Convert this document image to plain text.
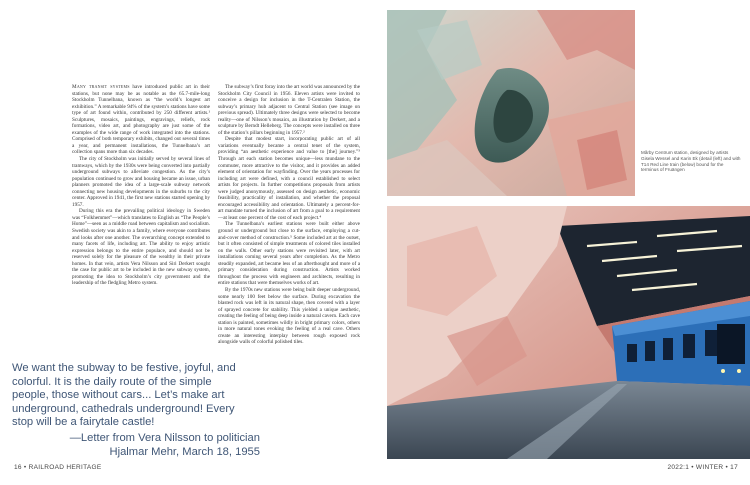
Many transit systems have introduced public art in their stations, but none may be as notable as the 65.7-mile-long Stockholm Tunnelbana, known as “the world’s longest art exhibition.” A remarkable 94% of the system’s stations have some type of art found within, contributed by 250 different artists.¹ Sculptures, mosaics, paintings, engravings, reliefs, rock formations, video art, and photography are just some of the examples of the wide range of work integrated into the stations. Comprised of both temporary exhibits, changed out several times a year, and permanent installations, the Tunnelbana’s art collection spans more than six decades.

The city of Stockholm was initially served by several lines of tramways, which by the 1930s were being converted into partially underground subways to alleviate congestion. As the city’s population continued to grow and housing became an issue, urban planners promoted the idea of a large-scale subway network connecting new housing developments in the suburbs to the city center. Approved in 1941, the first new stations started opening by 1957.

During this era the prevailing political ideology in Sweden was “Folkhemmet”—which translates to English as “The People’s Home”—seen as a middle road between capitalism and socialism. Swedish society was akin to a family, where everyone contributes and looks after one another. The overarching concept extended to many facets of life, including art. The ability to enjoy artistic expression belongs to the entire populace, and should not be reserved solely for the pleasure of the wealthy in their private homes. In that vein, artists Vera Nilsson and Siri Derkert sought the case for public art to be included in the new subway system, promoting the idea to Stockholm’s city government and the leadership of the fledgling Metro system.

The subway’s first foray into the art world was announced by the Stockholm City Council in 1956. Eleven artists were invited to conceive a design for inclusion in the T-Centralen Station, the subway’s primary hub adjacent to Central Station (see image on previous spread). Ultimately three designs were selected to become reality—one of Nilsson’s mosaics, an illustration by Derkert, and a sculpture by Berndt Helleberg. The concepts were installed on three of the station’s pillars beginning in 1957.²

Despite that modest start, incorporating public art of all variations eventually became a central tenet of the system, providing “an aesthetic experience and value to [the] journey.”³ Through art each station becomes unique—less mundane to the commuter, more attractive to the visitor, and it provides an added element of orientation for wayfinding. Over the years processes for including art were defined, with a council established to select artists for projects. In further competitions proposals from artists were judged anonymously, assessed on design aesthetic, economic feasibility, practicality of installation, and whether the proposal encouraged accessibility and orientation. Ultimately a percent-for-art mandate turned the inclusion of art from a goal to a requirement—at least one percent of the cost of each project.⁴

The Tunnelbana’s earliest stations were built either above ground or underground but close to the surface, employing a cut-and-cover method of construction.⁵ Some included art at the outset, but it often consisted of simple treatments of colored tiles installed on the walls. Other early stations were revisited later, with art installations coming several years after completion. As the Metro steadily expanded, art became less of an afterthought and more of a primary consideration during construction. Artists worked throughout the process with engineers and architects, resulting in entire stations that were themselves works of art.

By the 1970s new stations were being built deeper underground, some nearly 100 feet below the surface. During excavation the blasted rock was left in its natural shape, then covered with a layer of sprayed concrete for stability. This yielded a unique aesthetic, creating the feeling of being deep inside a natural cavern. Each cave station is painted, sometimes wildly in bright primary colors, others in more natural tones evoking the feeling of a real cave. Others create an interesting interplay between rough exposed rock alongside walls of colorful polished tiles.

We want the subway to be festive, joyful, and colorful. It is the daily route of the simple people, those without cars... Let’s make art underground, cathedrals underground! Every stop will be a fairytale castle!
—Letter from Vera Nilsson to politician Hjalmar Mehr, March 18, 1955
16 • RAILROAD HERITAGE
Mårby Centrum station, designed by artists Gisela Wessel and Karin Ek (detail (left) and with T14 Red Line train (below) bound for the terminus of Fruängen
2022:1 • WINTER • 17
